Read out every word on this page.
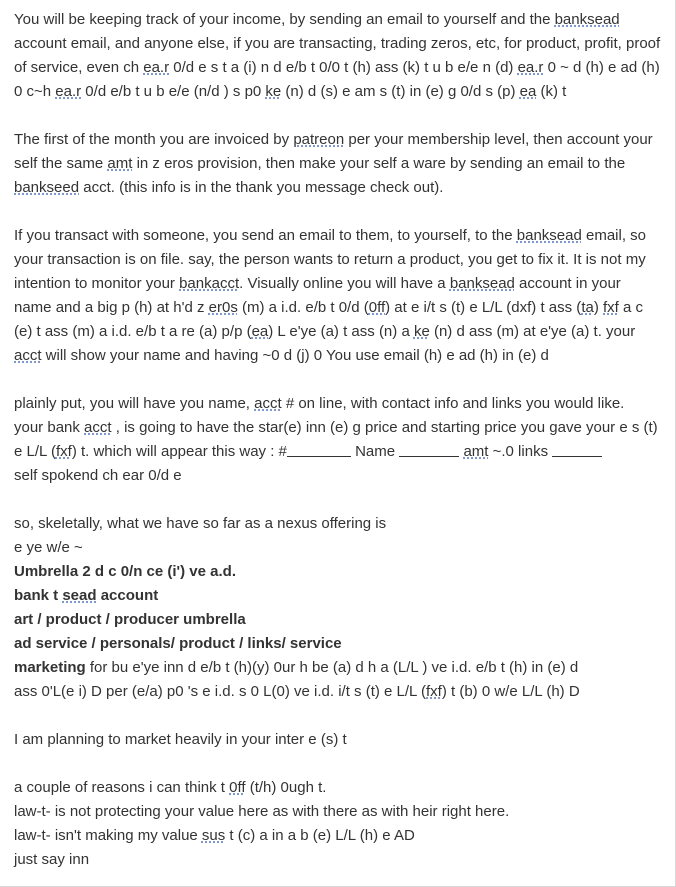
You will be keeping track of your income, by sending an email to yourself and the banksead
account email, and anyone else, if you are transacting, trading zeros, etc, for product, profit, proof
of service, even ch ea.r 0/d e s t a (i) n d e/b t 0/0 t (h) ass (k) t u b e/e n (d) ea.r 0 ~ d (h) e ad (h)
0 c~h ea.r 0/d e/b t u b e/e (n/d ) s p0 ke (n) d (s) e am s (t) in (e) g 0/d s (p) ea (k) t
The first of the month you are invoiced by patreon per your membership level, then account your
self the same amt in z eros provision, then make your self a ware by sending an email to the
bankseed acct. (this info is in the thank you message check out).
If you transact with someone, you send an email to them, to yourself, to the banksead email, so
your transaction is on file. say, the person wants to return a product, you get to fix it. It is not my
intention to monitor your bankacct. Visually online you will have a banksead account in your
name and a big p (h) at h'd z er0s (m) a i.d. e/b t 0/d (0ff) at e i/t s (t) e L/L (dxf) t ass (ta) fxf a c
(e) t ass (m) a i.d. e/b t a re (a) p/p (ea) L e'ye (a) t ass (n) a ke (n) d ass (m) at e'ye (a) t. your
acct will show your name and having ~0 d (j) 0 You use email (h) e ad (h) in (e) d
plainly put, you will have you name, acct # on line, with contact info and links you would like.
your bank acct , is going to have the star(e) inn (e) g price and starting price you gave your e s (t)
e L/L (fxf) t. which will appear this way : #	Name	amt ~.0 links
self spokend ch ear 0/d e
so, skeletally, what we have so far as a nexus offering is
e ye w/e ~
Umbrella 2 d c 0/n ce (i') ve a.d.
bank t sead account
art / product / producer umbrella
ad service / personals/ product / links/ service
marketing for bu e'ye inn d e/b t (h)(y) 0ur h be (a) d h a (L/L ) ve i.d. e/b t (h) in (e) d
ass 0'L(e i) D per (e/a) p0 's e i.d. s 0 L(0) ve i.d. i/t s (t) e L/L (fxf) t (b) 0 w/e L/L (h) D
I am planning to market heavily in your inter e (s) t
a couple of reasons i can think t 0ff (t/h) 0ugh t.
law-t- is not protecting your value here as with there as with heir right here.
law-t- isn't making my value sus t (c) a in a b (e) L/L (h) e AD
just say inn
